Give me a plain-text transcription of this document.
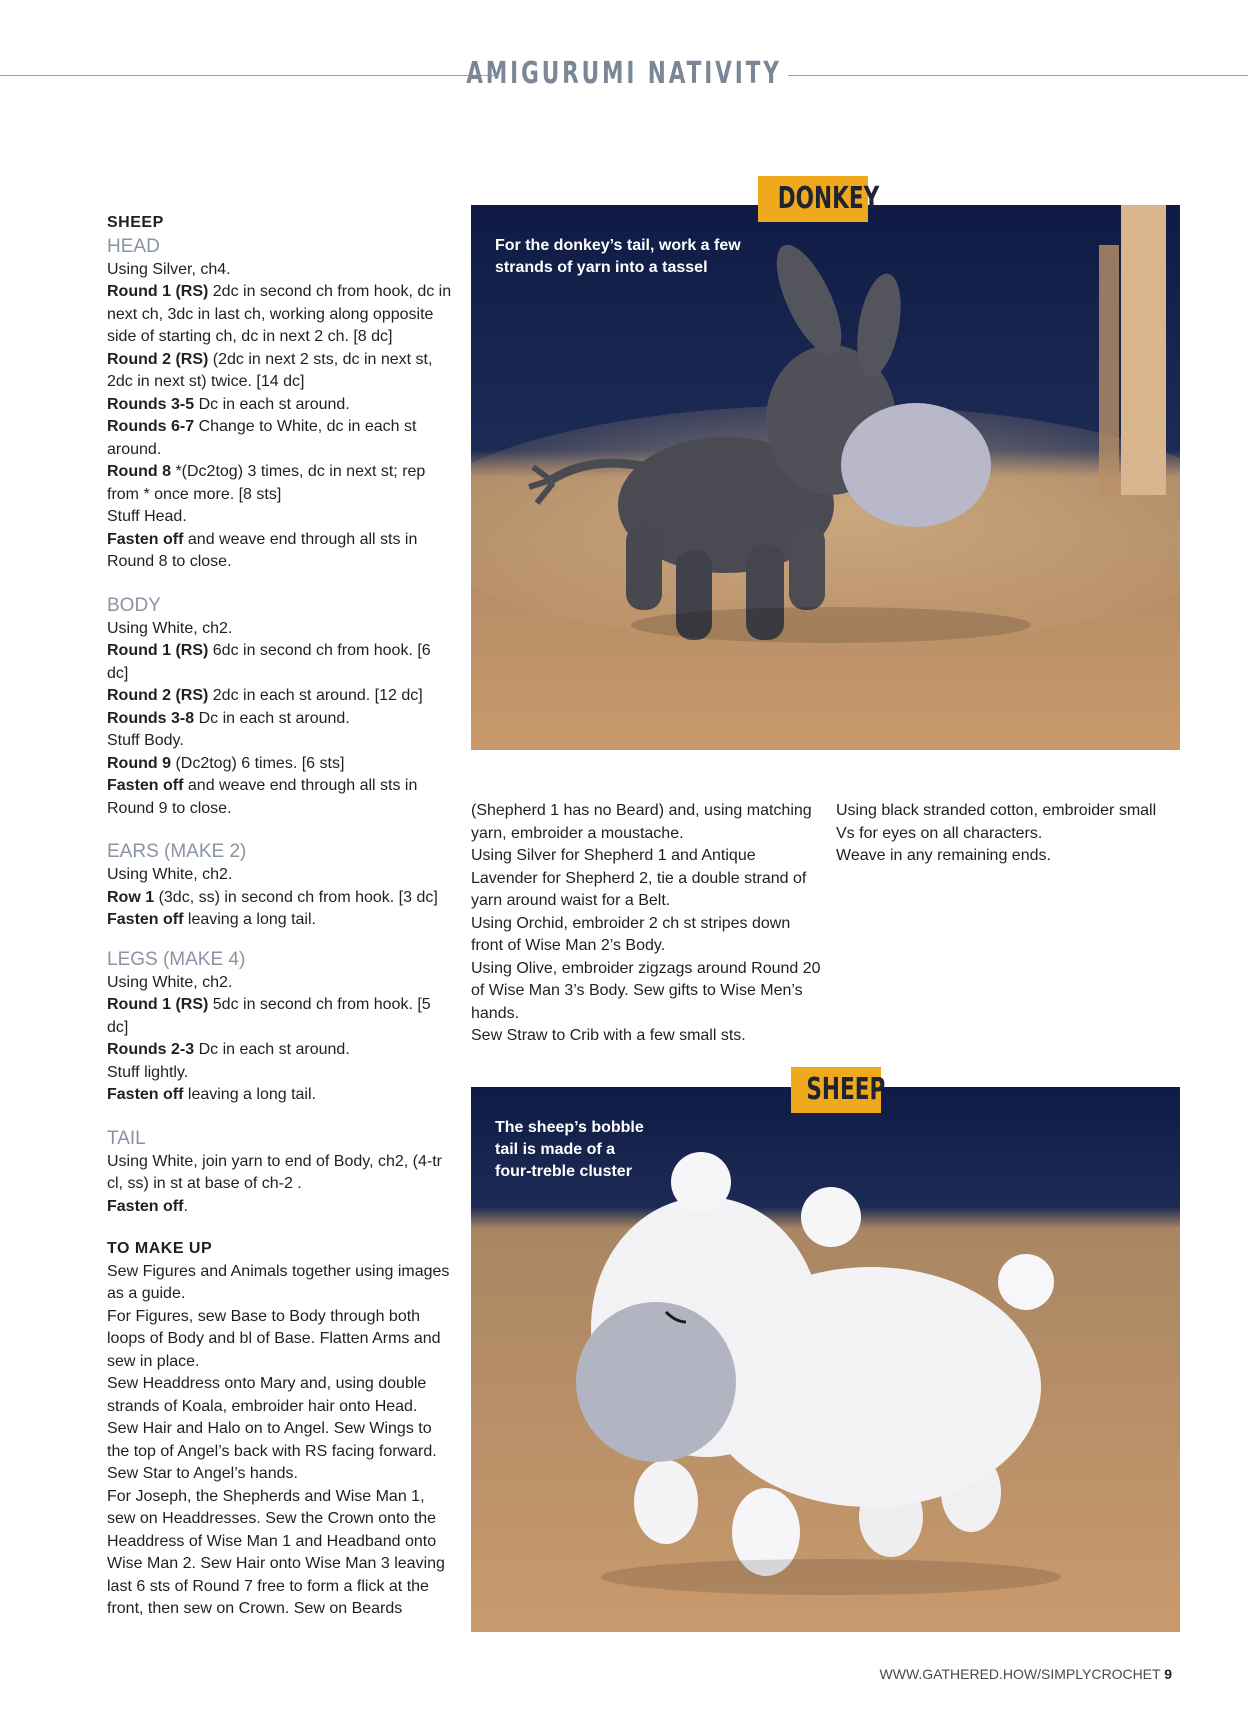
AMIGURUMI NATIVITY

SHEEP

HEAD

Using Silver, ch4.

Round 1 (RS) 2dc in second ch from hook, dc in next ch, 3dc in last ch, working along opposite side of starting ch, dc in next 2 ch. [8 dc]

Round 2 (RS) (2dc in next 2 sts, dc in next st, 2dc in next st) twice. [14 dc]

Rounds 3-5 Dc in each st around.

Rounds 6-7 Change to White, dc in each st around.

Round 8 *(Dc2tog) 3 times, dc in next st; rep from * once more. [8 sts]

Stuff Head.

Fasten off and weave end through all sts in Round 8 to close.

BODY

Using White, ch2.

Round 1 (RS) 6dc in second ch from hook. [6 dc]

Round 2 (RS) 2dc in each st around. [12 dc]

Rounds 3-8 Dc in each st around.

Stuff Body.

Round 9 (Dc2tog) 6 times. [6 sts]

Fasten off and weave end through all sts in Round 9 to close.

EARS (MAKE 2)

Using White, ch2.

Row 1 (3dc, ss) in second ch from hook. [3 dc]

Fasten off leaving a long tail.

LEGS (MAKE 4)

Using White, ch2.

Round 1 (RS) 5dc in second ch from hook. [5 dc]

Rounds 2-3 Dc in each st around.

Stuff lightly.

Fasten off leaving a long tail.

TAIL

Using White, join yarn to end of Body, ch2, (4-tr cl, ss) in st at base of ch-2 .

Fasten off.

TO MAKE UP

Sew Figures and Animals together using images as a guide.

For Figures, sew Base to Body through both loops of Body and bl of Base. Flatten Arms and sew in place.

Sew Headdress onto Mary and, using double strands of Koala, embroider hair onto Head.

Sew Hair and Halo on to Angel. Sew Wings to the top of Angel’s back with RS facing forward.

Sew Star to Angel’s hands.

For Joseph, the Shepherds and Wise Man 1, sew on Headdresses. Sew the Crown onto the Headdress of Wise Man 1 and Headband onto Wise Man 2. Sew Hair onto Wise Man 3 leaving last 6 sts of Round 7 free to form a flick at the front, then sew on Crown. Sew on Beards

For the donkey’s tail, work a few strands of yarn into a tassel
DONKEY

(Shepherd 1 has no Beard) and, using matching yarn, embroider a moustache.

Using Silver for Shepherd 1 and Antique Lavender for Shepherd 2, tie a double strand of yarn around waist for a Belt.

Using Orchid, embroider 2 ch st stripes down front of Wise Man 2’s Body.

Using Olive, embroider zigzags around Round 20 of Wise Man 3’s Body. Sew gifts to Wise Men’s hands.

Sew Straw to Crib with a few small sts.

Using black stranded cotton, embroider small Vs for eyes on all characters.

Weave in any remaining ends.

The sheep’s bobble tail is made of a four-treble cluster
SHEEP
WWW.GATHERED.HOW/SIMPLYCROCHET 9
